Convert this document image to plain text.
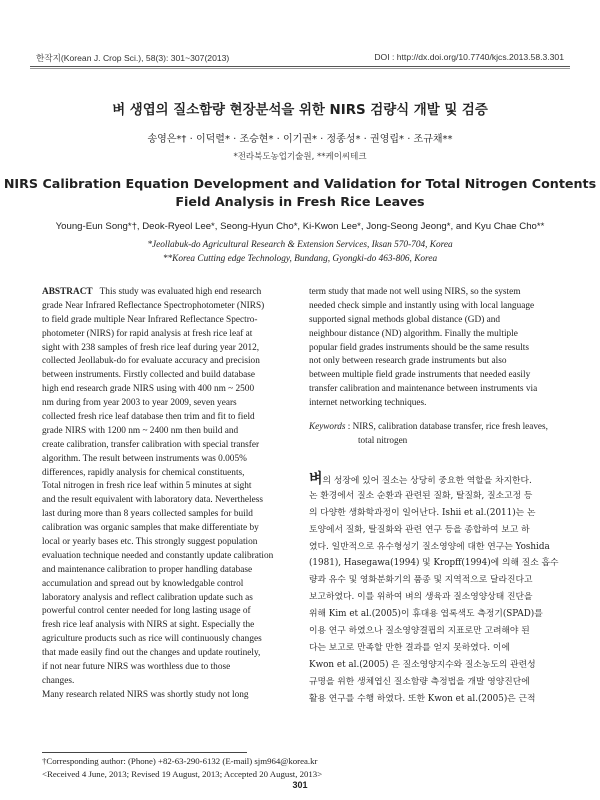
한작지(Korean J. Crop Sci.), 58(3): 301~307(2013)	DOI : http://dx.doi.org/10.7740/kjcs.2013.58.3.301
벼 생엽의 질소함량 현장분석을 위한 NIRS 검량식 개발 및 검증
송영은*† · 이덕렬* · 조승현* · 이기권* · 정종성* · 권영립* · 조규채**
*전라북도농업기술원, **케이씨테크
NIRS Calibration Equation Development and Validation for Total Nitrogen Contents
Field Analysis in Fresh Rice Leaves
Young-Eun Song*†, Deok-Ryeol Lee*, Seong-Hyun Cho*, Ki-Kwon Lee*, Jong-Seong Jeong*, and Kyu Chae Cho**
*Jeollabuk-do Agricultural Research & Extension Services, Iksan 570-704, Korea
**Korea Cutting edge Technology, Bundang, Gyongki-do 463-806, Korea
ABSTRACT This study was evaluated high end research
grade Near Infrared Reflectance Spectrophotometer (NIRS)
to field grade multiple Near Infrared Reflectance Spectro-
photometer (NIRS) for rapid analysis at fresh rice leaf at
sight with 238 samples of fresh rice leaf during year 2012,
collected Jeollabuk-do for evaluate accuracy and precision
between instruments. Firstly collected and build database
high end research grade NIRS using with 400 nm ~ 2500
nm during from year 2003 to year 2009, seven years
collected fresh rice leaf database then trim and fit to field
grade NIRS with 1200 nm ~ 2400 nm then build and
create calibration, transfer calibration with special transfer
algorithm. The result between instruments was 0.005%
differences, rapidly analysis for chemical constituents,
Total nitrogen in fresh rice leaf within 5 minutes at sight
and the result equivalent with laboratory data. Nevertheless
last during more than 8 years collected samples for build
calibration was organic samples that make differentiate by
local or yearly bases etc. This strongly suggest population
evaluation technique needed and constantly update calibration
and maintenance calibration to proper handling database
accumulation and spread out by knowledgable control
laboratory analysis and reflect calibration update such as
powerful control center needed for long lasting usage of
fresh rice leaf analysis with NIRS at sight. Especially the
agriculture products such as rice will continuously changes
that made easily find out the changes and update routinely,
if not near future NIRS was worthless due to those
changes.
Many research related NIRS was shortly study not long
term study that made not well using NIRS, so the system
needed check simple and instantly using with local language
supported signal methods global distance (GD) and
neighbour distance (ND) algorithm. Finally the multiple
popular field grades instruments should be the same results
not only between research grade instruments but also
between multiple field grade instruments that needed easily
transfer calibration and maintenance between instruments via
internet networking techniques.
Keywords : NIRS, calibration database transfer, rice fresh leaves,
total nitrogen
벼의 성장에 있어 질소는 상당히 중요한 역할을 차지한다.
논 환경에서 질소 순환과 관련된 질화, 탈질화, 질소고정 등
의 다양한 생화학과정이 일어난다. Ishii et al.(2011)는 논
토양에서 질화, 탈질화와 관련 연구 등을 종합하여 보고 하
였다. 일반적으로 유수형성기 질소영양에 대한 연구는 Yoshida
(1981), Hasegawa(1994) 및 Kropff(1994)에 의해 질소 흡수
량과 유수 및 영화분화기의 품종 및 지역적으로 달라진다고
보고하였다. 이를 위하여 벼의 생육과 질소영양상태 진단을
위해 Kim et al.(2005)이 휴대용 엽록색도 측정기(SPAD)를
이용 연구 하였으나 질소영양결핍의 지표로만 고려해야 된
다는 보고로 만족할 만한 결과를 얻지 못하였다. 이에
Kwon et al.(2005) 은 질소영양지수와 질소농도의 관련성
규명을 위한 생체엽신 질소함량 측정법을 개발 영양진단에
활용 연구를 수행 하였다. 또한 Kwon et al.(2005)은 근적
†Corresponding author: (Phone) +82-63-290-6132 (E-mail) sjm964@korea.kr
<Received 4 June, 2013; Revised 19 August, 2013; Accepted 20 August, 2013>
301
